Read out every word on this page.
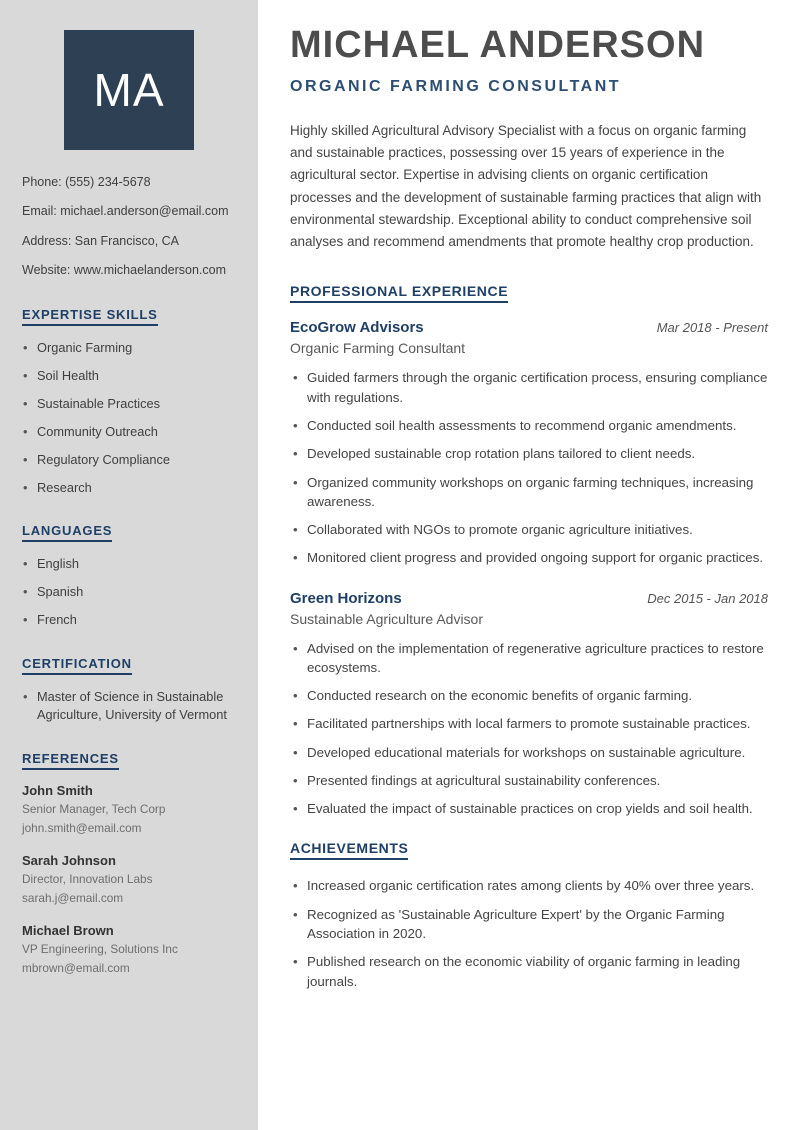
MA
Phone: (555) 234-5678
Email: michael.anderson@email.com
Address: San Francisco, CA
Website: www.michaelanderson.com
EXPERTISE SKILLS
• Organic Farming
• Soil Health
• Sustainable Practices
• Community Outreach
• Regulatory Compliance
• Research
LANGUAGES
• English
• Spanish
• French
CERTIFICATION
• Master of Science in Sustainable Agriculture, University of Vermont
REFERENCES
John Smith
Senior Manager, Tech Corp
john.smith@email.com
Sarah Johnson
Director, Innovation Labs
sarah.j@email.com
Michael Brown
VP Engineering, Solutions Inc
mbrown@email.com
MICHAEL ANDERSON
ORGANIC FARMING CONSULTANT

Highly skilled Agricultural Advisory Specialist with a focus on organic farming and sustainable practices, possessing over 15 years of experience in the agricultural sector. Expertise in advising clients on organic certification processes and the development of sustainable farming practices that align with environmental stewardship. Exceptional ability to conduct comprehensive soil analyses and recommend amendments that promote healthy crop production.

PROFESSIONAL EXPERIENCE
EcoGrow Advisors	Mar 2018 - Present
Organic Farming Consultant
• Guided farmers through the organic certification process, ensuring compliance with regulations.
• Conducted soil health assessments to recommend organic amendments.
• Developed sustainable crop rotation plans tailored to client needs.
• Organized community workshops on organic farming techniques, increasing awareness.
• Collaborated with NGOs to promote organic agriculture initiatives.
• Monitored client progress and provided ongoing support for organic practices.
Green Horizons	Dec 2015 - Jan 2018
Sustainable Agriculture Advisor
• Advised on the implementation of regenerative agriculture practices to restore ecosystems.
• Conducted research on the economic benefits of organic farming.
• Facilitated partnerships with local farmers to promote sustainable practices.
• Developed educational materials for workshops on sustainable agriculture.
• Presented findings at agricultural sustainability conferences.
• Evaluated the impact of sustainable practices on crop yields and soil health.
ACHIEVEMENTS
• Increased organic certification rates among clients by 40% over three years.
• Recognized as 'Sustainable Agriculture Expert' by the Organic Farming Association in 2020.
• Published research on the economic viability of organic farming in leading journals.
